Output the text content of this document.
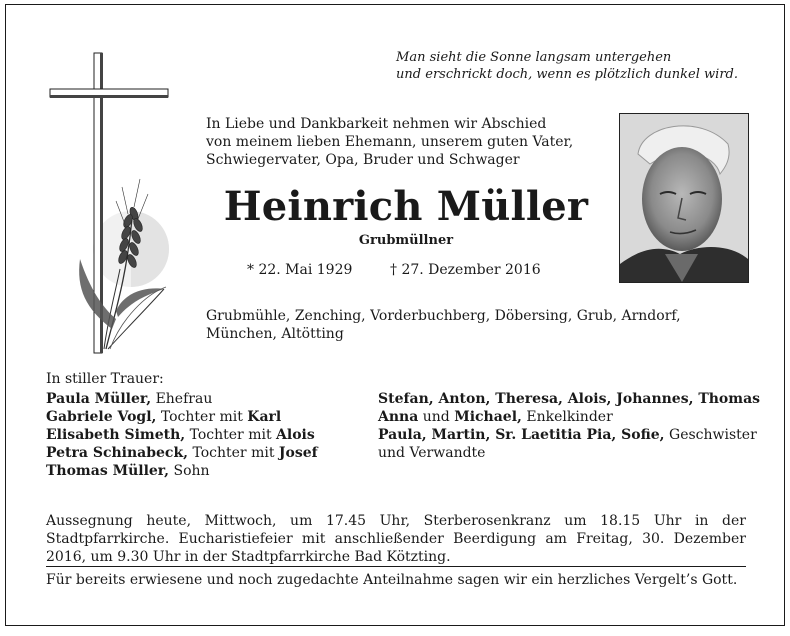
Man sieht die Sonne langsam untergehen
und erschrickt doch, wenn es plötzlich dunkel wird.
In Liebe und Dankbarkeit nehmen wir Abschied
von meinem lieben Ehemann, unserem guten Vater,
Schwiegervater, Opa, Bruder und Schwager
Heinrich Müller
Grubmüllner
* 22. Mai 1929	† 27. Dezember 2016
Grubmühle, Zenching, Vorderbuchberg, Döbersing, Grub, Arndorf,
München, Altötting
In stiller Trauer:
Paula Müller, Ehefrau
Gabriele Vogl, Tochter mit Karl
Elisabeth Simeth, Tochter mit Alois
Petra Schinabeck, Tochter mit Josef
Thomas Müller, Sohn
Stefan, Anton, Theresa, Alois, Johannes, Thomas
Anna und Michael, Enkelkinder
Paula, Martin, Sr. Laetitia Pia, Sofie, Geschwister
und Verwandte
Aussegnung heute, Mittwoch, um 17.45 Uhr, Sterberosenkranz um 18.15 Uhr in der Stadtpfarrkirche. Eucharistiefeier mit anschließender Beerdigung am Freitag, 30. Dezember 2016, um 9.30 Uhr in der Stadtpfarrkirche Bad Kötzting.
Für bereits erwiesene und noch zugedachte Anteilnahme sagen wir ein herzliches Vergelt’s Gott.
